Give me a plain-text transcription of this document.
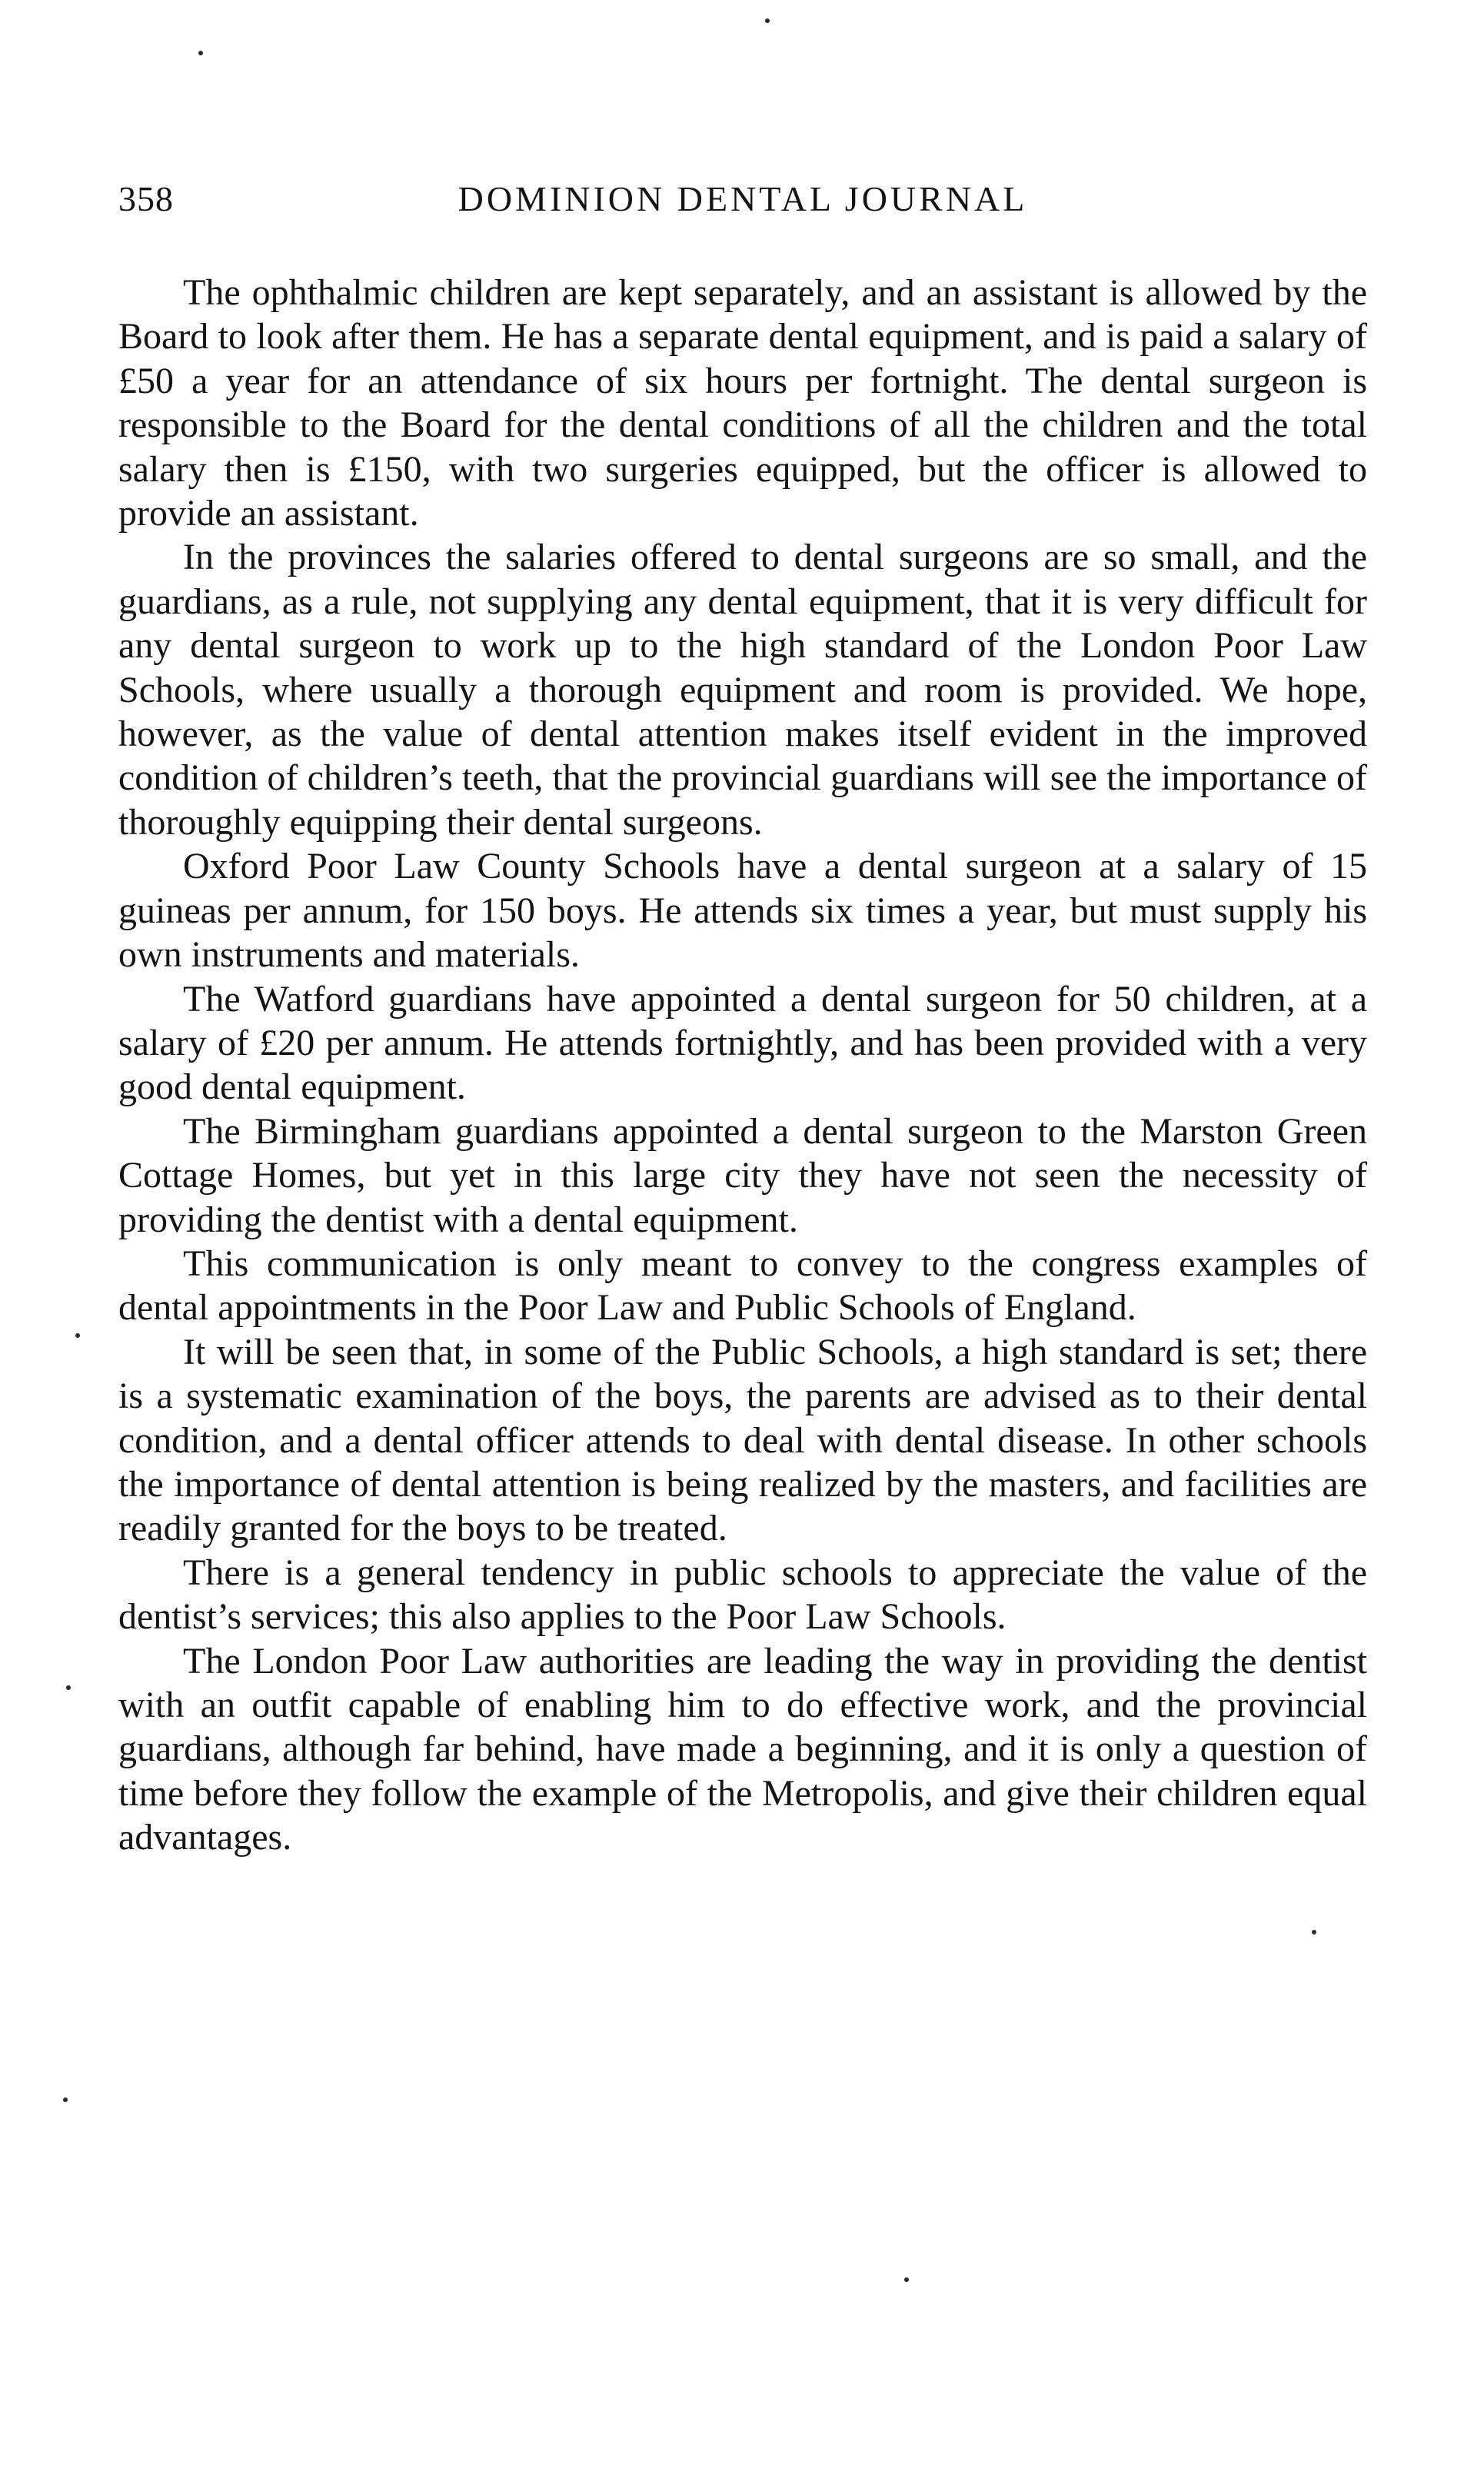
358	DOMINION DENTAL JOURNAL

The ophthalmic children are kept separately, and an assistant is allowed by the Board to look after them. He has a separate dental equipment, and is paid a salary of £50 a year for an attendance of six hours per fortnight. The dental surgeon is responsible to the Board for the dental conditions of all the children and the total salary then is £150, with two surgeries equipped, but the officer is allowed to provide an assistant.

In the provinces the salaries offered to dental surgeons are so small, and the guardians, as a rule, not supplying any dental equipment, that it is very difficult for any dental surgeon to work up to the high standard of the London Poor Law Schools, where usually a thorough equipment and room is provided. We hope, however, as the value of dental attention makes itself evident in the improved condition of children’s teeth, that the provincial guardians will see the importance of thoroughly equipping their dental surgeons.

Oxford Poor Law County Schools have a dental surgeon at a salary of 15 guineas per annum, for 150 boys. He attends six times a year, but must supply his own instruments and materials.

The Watford guardians have appointed a dental surgeon for 50 children, at a salary of £20 per annum. He attends fortnightly, and has been provided with a very good dental equipment.

The Birmingham guardians appointed a dental surgeon to the Marston Green Cottage Homes, but yet in this large city they have not seen the necessity of providing the dentist with a dental equipment.

This communication is only meant to convey to the congress examples of dental appointments in the Poor Law and Public Schools of England.

It will be seen that, in some of the Public Schools, a high standard is set; there is a systematic examination of the boys, the parents are advised as to their dental condition, and a dental officer attends to deal with dental disease. In other schools the importance of dental attention is being realized by the masters, and facilities are readily granted for the boys to be treated.

There is a general tendency in public schools to appreciate the value of the dentist’s services; this also applies to the Poor Law Schools.

The London Poor Law authorities are leading the way in providing the dentist with an outfit capable of enabling him to do effective work, and the provincial guardians, although far behind, have made a beginning, and it is only a question of time before they follow the example of the Metropolis, and give their children equal advantages.
